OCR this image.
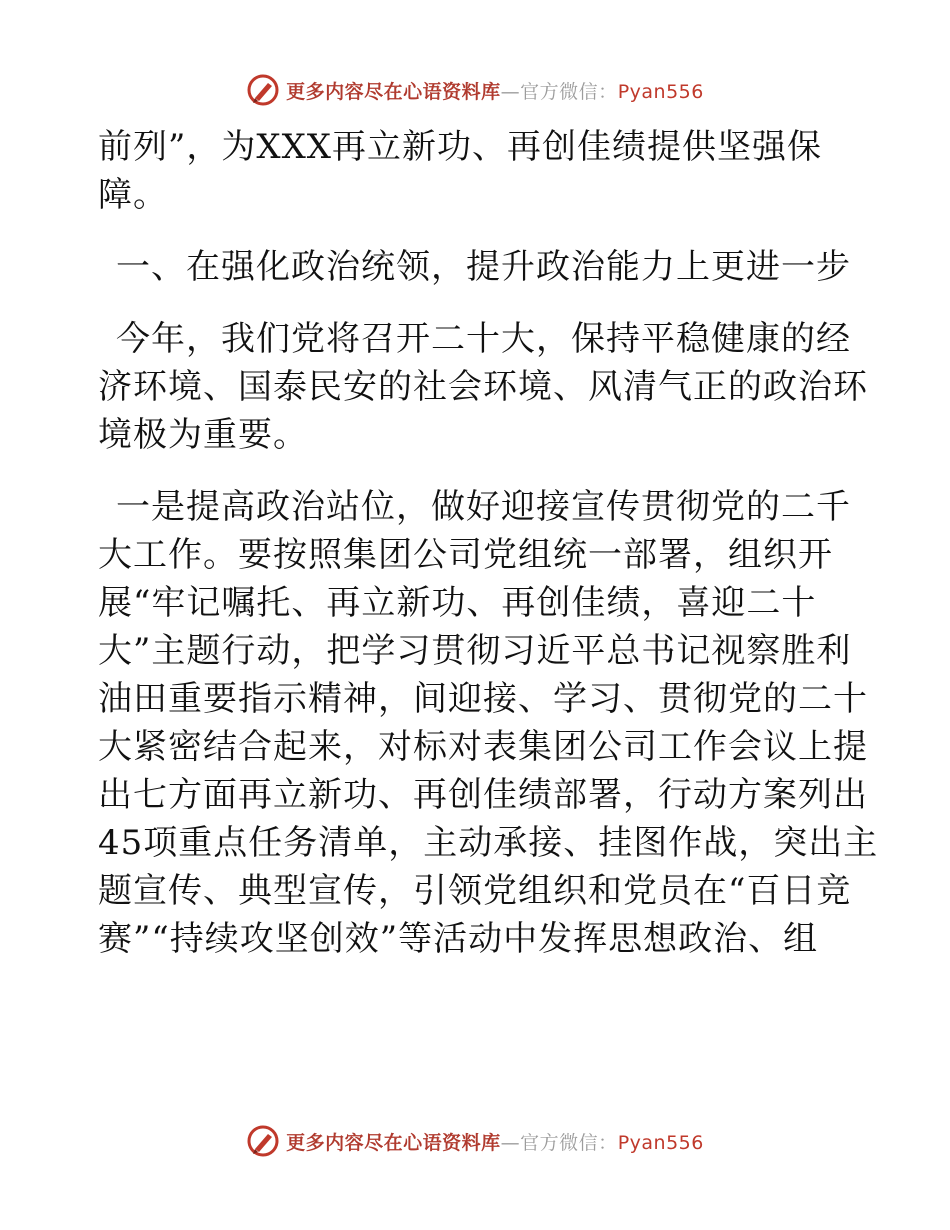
更多内容尽在心语资料库—官方微信：Pyan556
前列”，为XXX再立新功、再创佳绩提供坚强保
障。
一、在强化政治统领，提升政治能力上更进一步
今年，我们党将召开二十大，保持平稳健康的经
济环境、国泰民安的社会环境、风清气正的政治环
境极为重要。
一是提高政治站位，做好迎接宣传贯彻党的二千
大工作。要按照集团公司党组统一部署，组织开
展“牢记嘱托、再立新功、再创佳绩，喜迎二十
大”主题行动，把学习贯彻习近平总书记视察胜利
油田重要指示精神，间迎接、学习、贯彻党的二十
大紧密结合起来，对标对表集团公司工作会议上提
出七方面再立新功、再创佳绩部署，行动方案列出
45项重点任务清单，主动承接、挂图作战，突出主
题宣传、典型宣传，引领党组织和党员在“百日竞
赛”“持续攻坚创效”等活动中发挥思想政治、组
更多内容尽在心语资料库—官方微信：Pyan556
